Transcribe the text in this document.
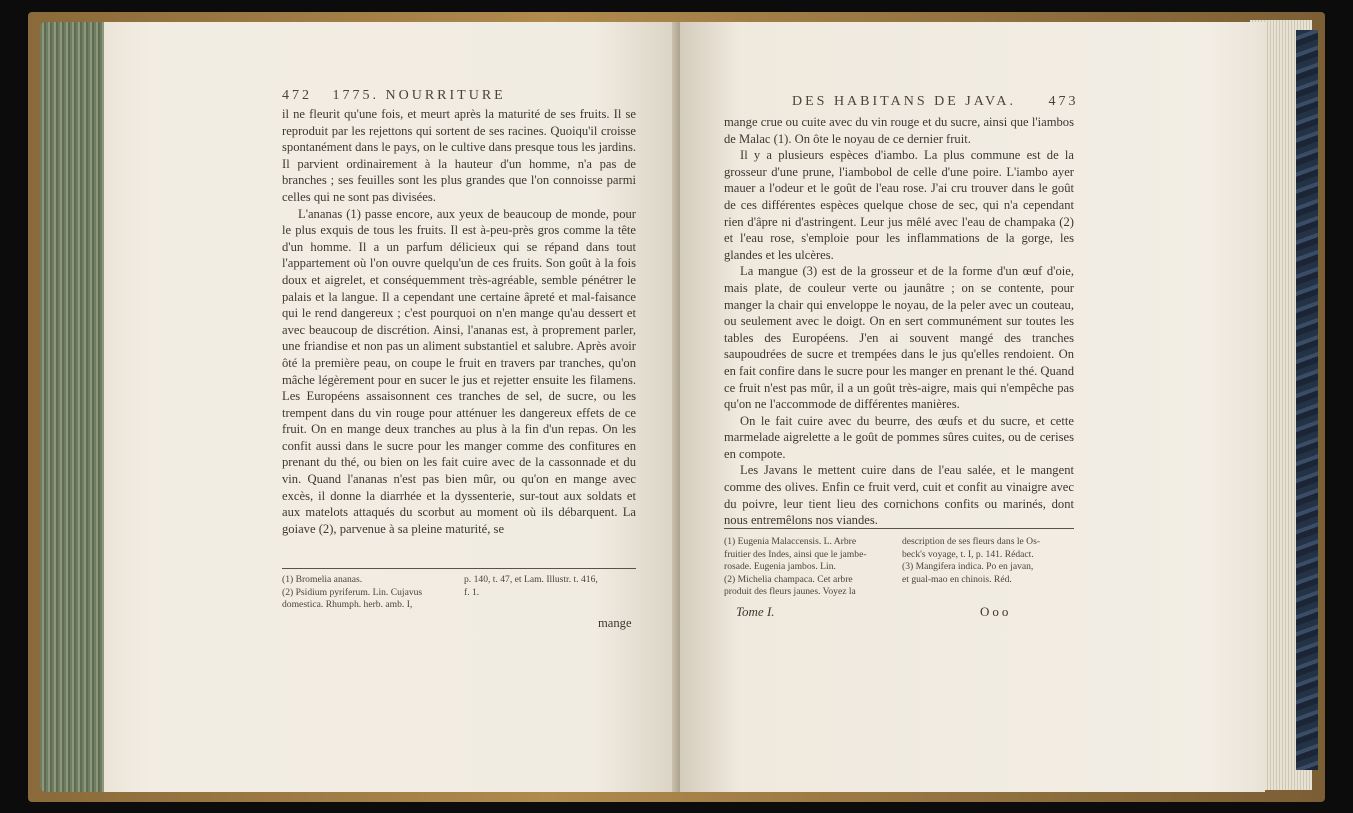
472 1775. NOURRITURE

il ne fleurit qu'une fois, et meurt après la maturité de ses fruits. Il se reproduit par les rejettons qui sortent de ses racines. Quoiqu'il croisse spontanément dans le pays, on le cultive dans presque tous les jardins. Il parvient ordinairement à la hauteur d'un homme, n'a pas de branches ; ses feuilles sont les plus grandes que l'on connoisse parmi celles qui ne sont pas divisées.

L'ananas (1) passe encore, aux yeux de beaucoup de monde, pour le plus exquis de tous les fruits. Il est à-peu-près gros comme la tête d'un homme. Il a un parfum délicieux qui se répand dans tout l'appartement où l'on ouvre quelqu'un de ces fruits. Son goût à la fois doux et aigrelet, et conséquemment très-agréable, semble pénétrer le palais et la langue. Il a cependant une certaine âpreté et mal-faisance qui le rend dangereux ; c'est pourquoi on n'en mange qu'au dessert et avec beaucoup de discrétion. Ainsi, l'ananas est, à proprement parler, une friandise et non pas un aliment substantiel et salubre. Après avoir ôté la première peau, on coupe le fruit en travers par tranches, qu'on mâche légèrement pour en sucer le jus et rejetter ensuite les filamens. Les Européens assaisonnent ces tranches de sel, de sucre, ou les trempent dans du vin rouge pour atténuer les dangereux effets de ce fruit. On en mange deux tranches au plus à la fin d'un repas. On les confit aussi dans le sucre pour les manger comme des confitures en prenant du thé, ou bien on les fait cuire avec de la cassonnade et du vin. Quand l'ananas n'est pas bien mûr, ou qu'on en mange avec excès, il donne la diarrhée et la dyssenterie, sur-tout aux soldats et aux matelots attaqués du scorbut au moment où ils débarquent. La goiave (2), parvenue à sa pleine maturité, se

(1) Bromelia ananas.
(2) Psidium pyriferum. Lin. Cujavus
domestica. Rhumph. herb. amb. I,
p. 140, t. 47, et Lam. Illustr. t. 416,
f. 1.
mange
DES HABITANS DE JAVA. 473

mange crue ou cuite avec du vin rouge et du sucre, ainsi que l'iambos de Malac (1). On ôte le noyau de ce dernier fruit.

Il y a plusieurs espèces d'iambo. La plus commune est de la grosseur d'une prune, l'iambobol de celle d'une poire. L'iambo ayer mauer a l'odeur et le goût de l'eau rose. J'ai cru trouver dans le goût de ces différentes espèces quelque chose de sec, qui n'a cependant rien d'âpre ni d'astringent. Leur jus mêlé avec l'eau de champaka (2) et l'eau rose, s'emploie pour les inflammations de la gorge, les glandes et les ulcères.

La mangue (3) est de la grosseur et de la forme d'un œuf d'oie, mais plate, de couleur verte ou jaunâtre ; on se contente, pour manger la chair qui enveloppe le noyau, de la peler avec un couteau, ou seulement avec le doigt. On en sert communément sur toutes les tables des Européens. J'en ai souvent mangé des tranches saupoudrées de sucre et trempées dans le jus qu'elles rendoient. On en fait confire dans le sucre pour les manger en prenant le thé. Quand ce fruit n'est pas mûr, il a un goût très-aigre, mais qui n'empêche pas qu'on ne l'accommode de différentes manières.

On le fait cuire avec du beurre, des œufs et du sucre, et cette marmelade aigrelette a le goût de pommes sûres cuites, ou de cerises en compote.

Les Javans le mettent cuire dans de l'eau salée, et le mangent comme des olives. Enfin ce fruit verd, cuit et confit au vinaigre avec du poivre, leur tient lieu des cornichons confits ou marinés, dont nous entremêlons nos viandes.

(1) Eugenia Malaccensis. L. Arbre
fruitier des Indes, ainsi que le jambe-
rosade. Eugenia jambos. Lin.
(2) Michelia champaca. Cet arbre
produit des fleurs jaunes. Voyez la
description de ses fleurs dans le Os-
beck's voyage, t. I, p. 141. Rédact.
(3) Mangifera indica. Po en javan,
et gual-mao en chinois. Réd.
Tome I.	Ooo
